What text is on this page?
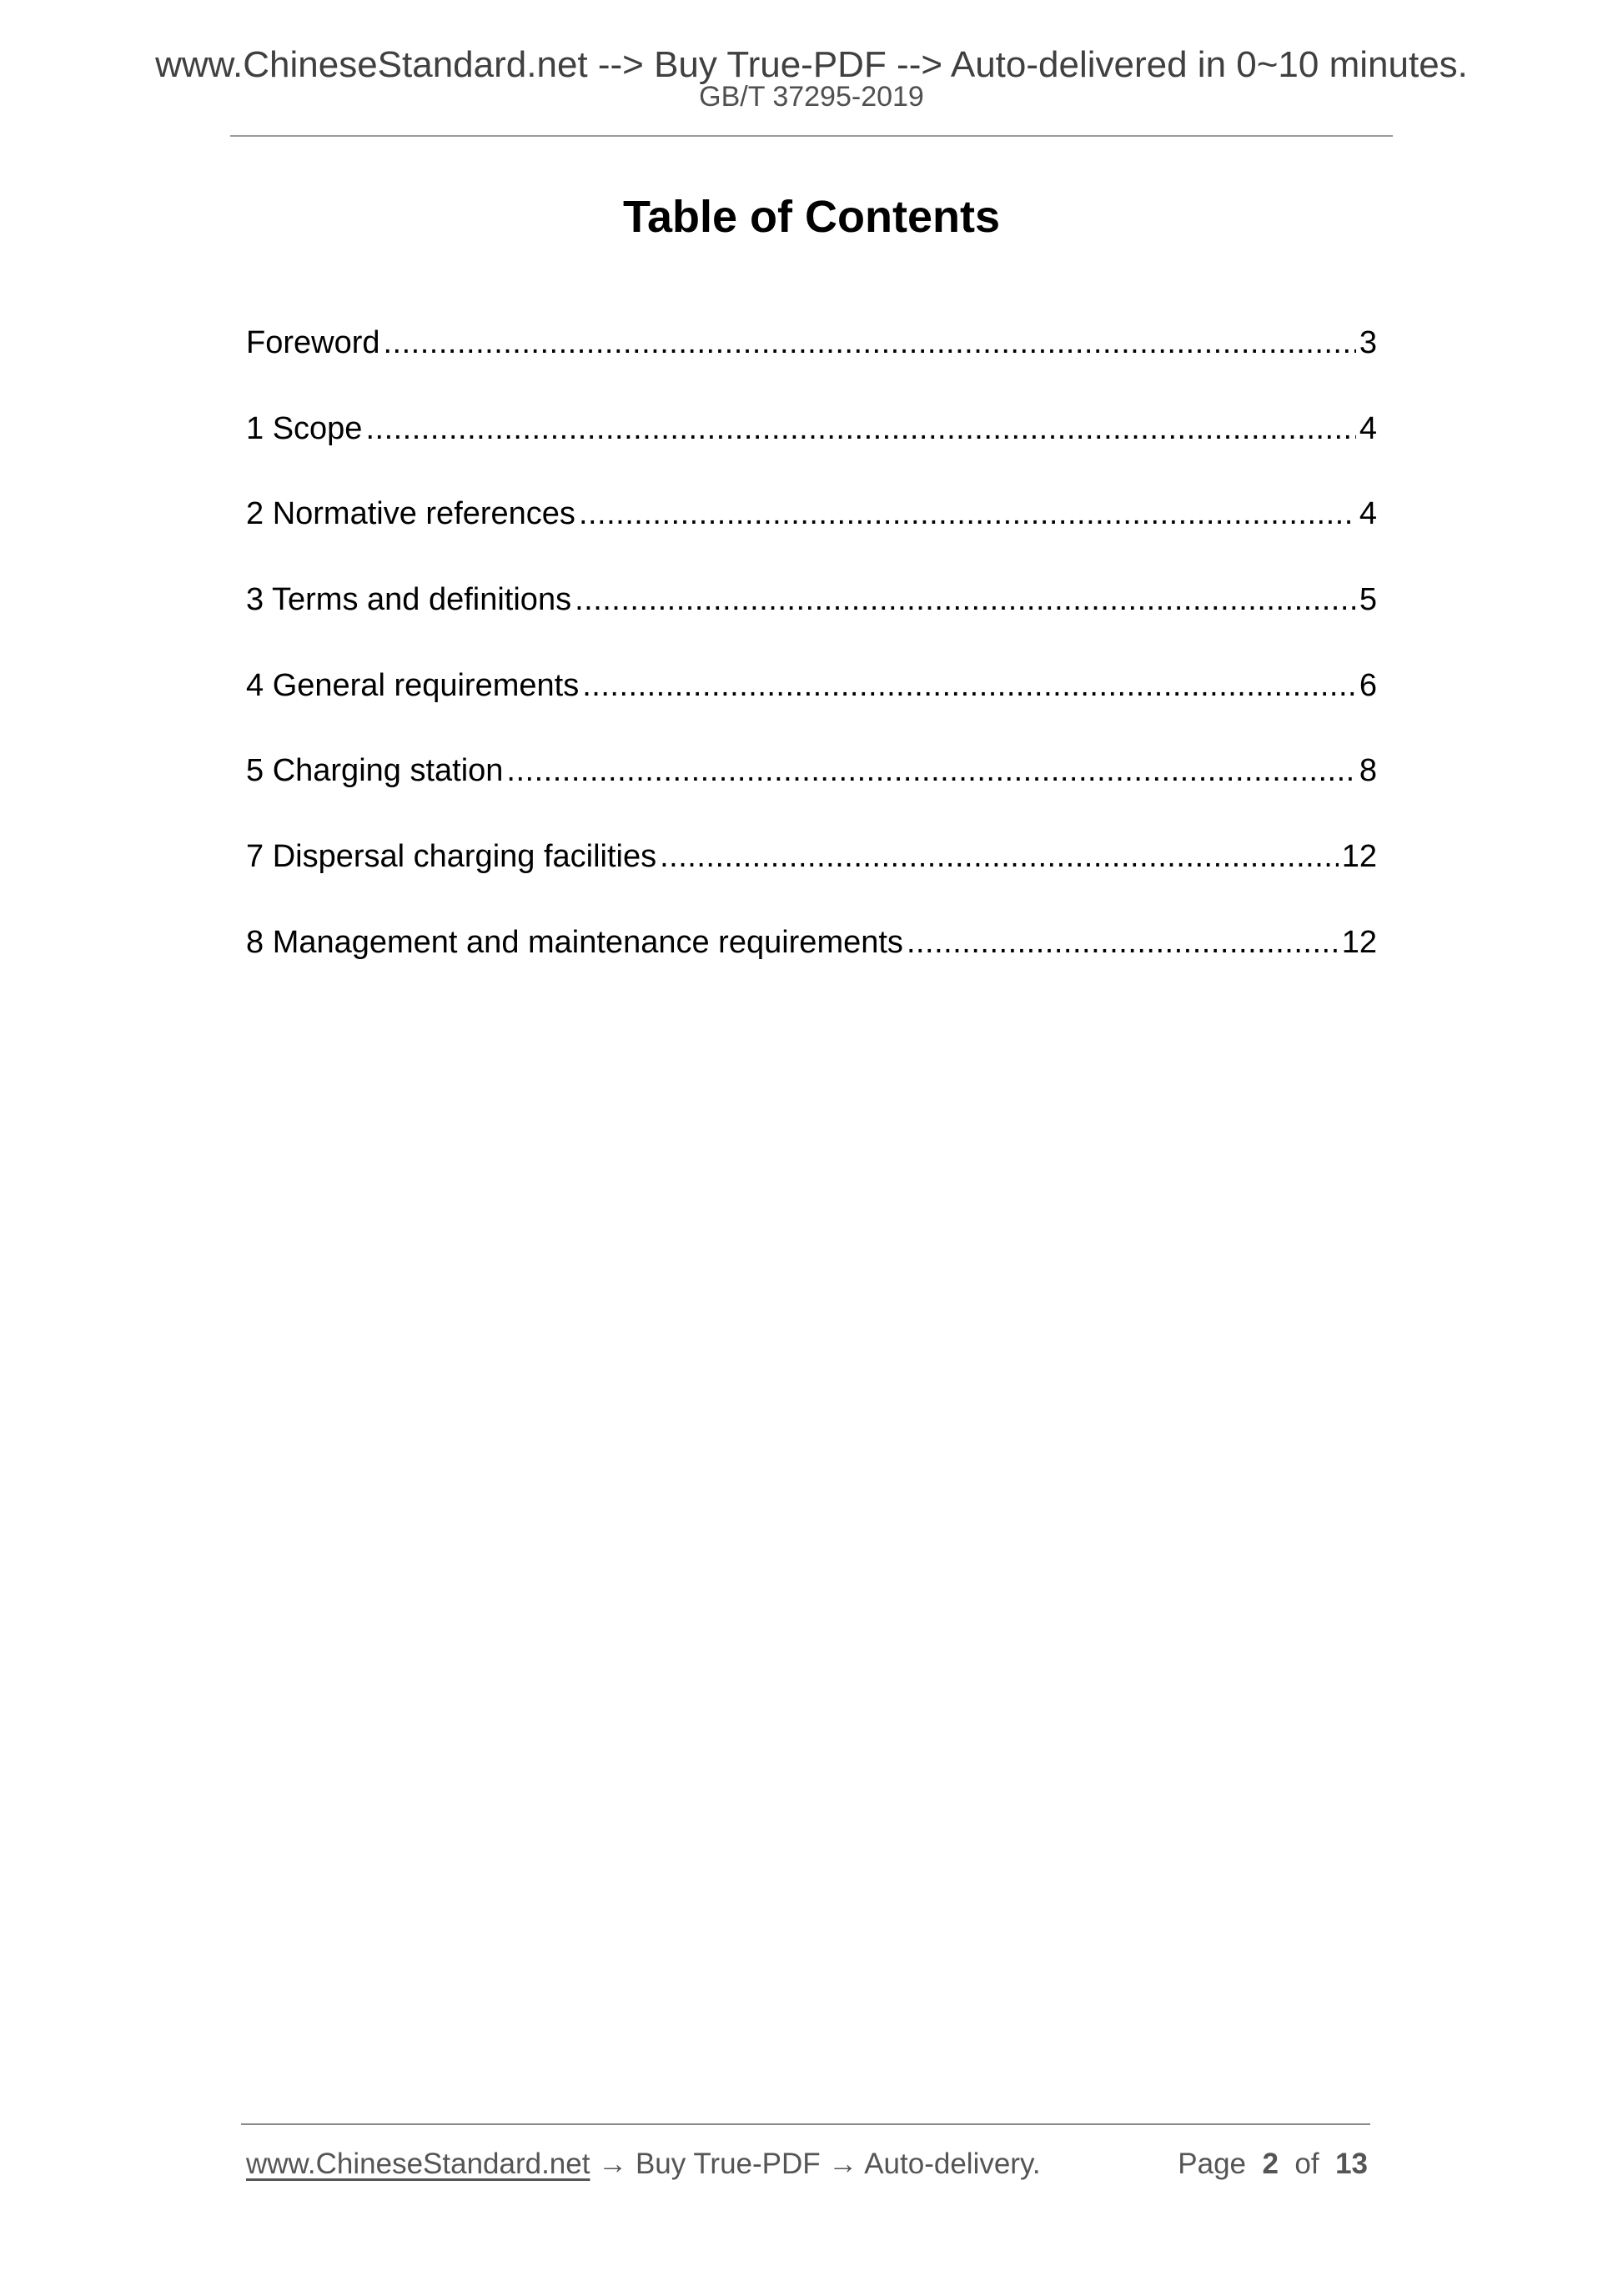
www.ChineseStandard.net --> Buy True-PDF --> Auto-delivered in 0~10 minutes.
GB/T 37295-2019
Table of Contents
Foreword .....	3
1 Scope .....	4
2 Normative references .....	4
3 Terms and definitions .....	5
4 General requirements .....	6
5 Charging station .....	8
7 Dispersal charging facilities .....	12
8 Management and maintenance requirements .....	12
www.ChineseStandard.net → Buy True-PDF → Auto-delivery.	Page 2 of 13
